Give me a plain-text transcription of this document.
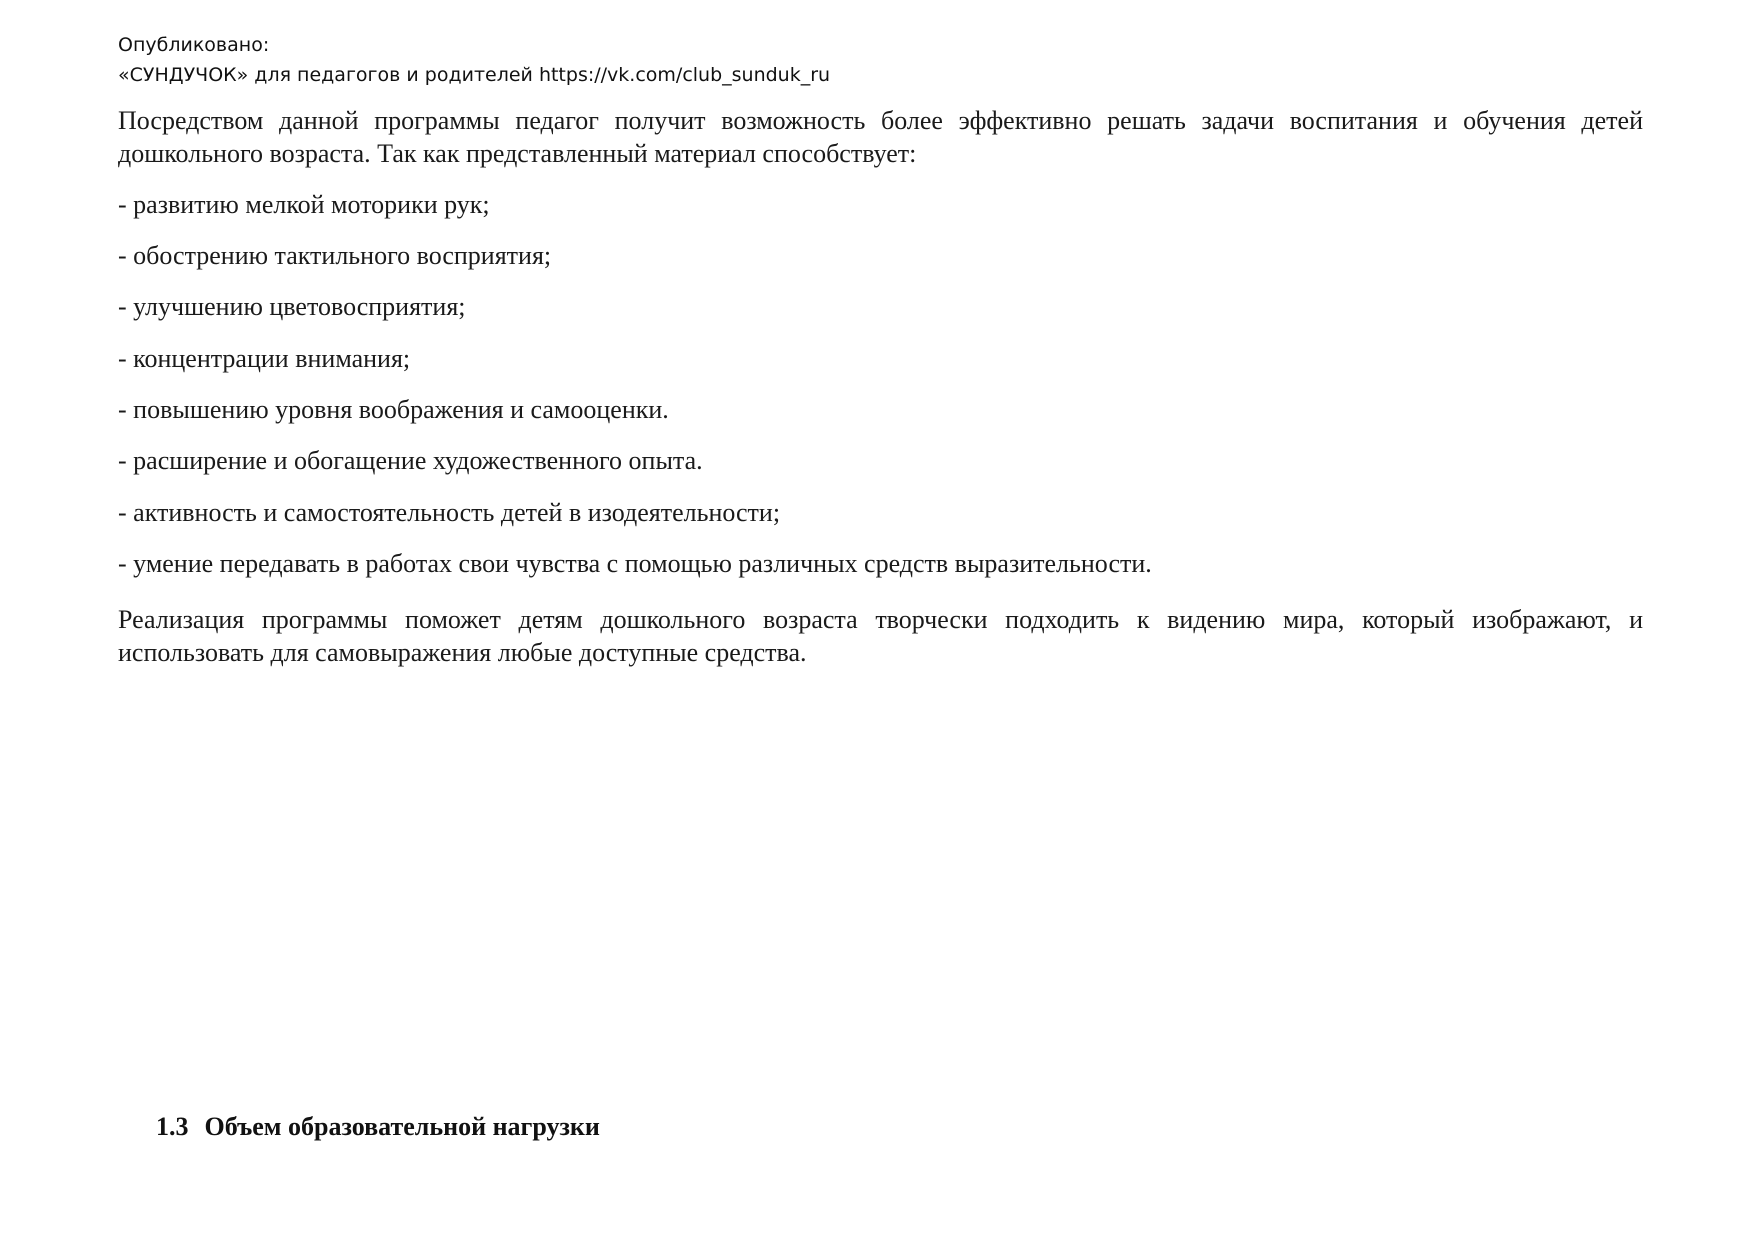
Опубликовано:
«СУНДУЧОК» для педагогов и родителей https://vk.com/club_sunduk_ru

Посредством данной программы педагог получит возможность более эффективно решать задачи воспитания и обучения детей дошкольного возраста. Так как представленный материал способствует:

- развитию мелкой моторики рук;
- обострению тактильного восприятия;
- улучшению цветовосприятия;
- концентрации внимания;
- повышению уровня воображения и самооценки.
- расширение и обогащение художественного опыта.
- активность и самостоятельность детей в изодеятельности;
- умение передавать в работах свои чувства с помощью различных средств выразительности.

Реализация программы поможет детям дошкольного возраста творчески подходить к видению мира, который изображают, и использовать для самовыражения любые доступные средства.

1.3 Объем образовательной нагрузки
